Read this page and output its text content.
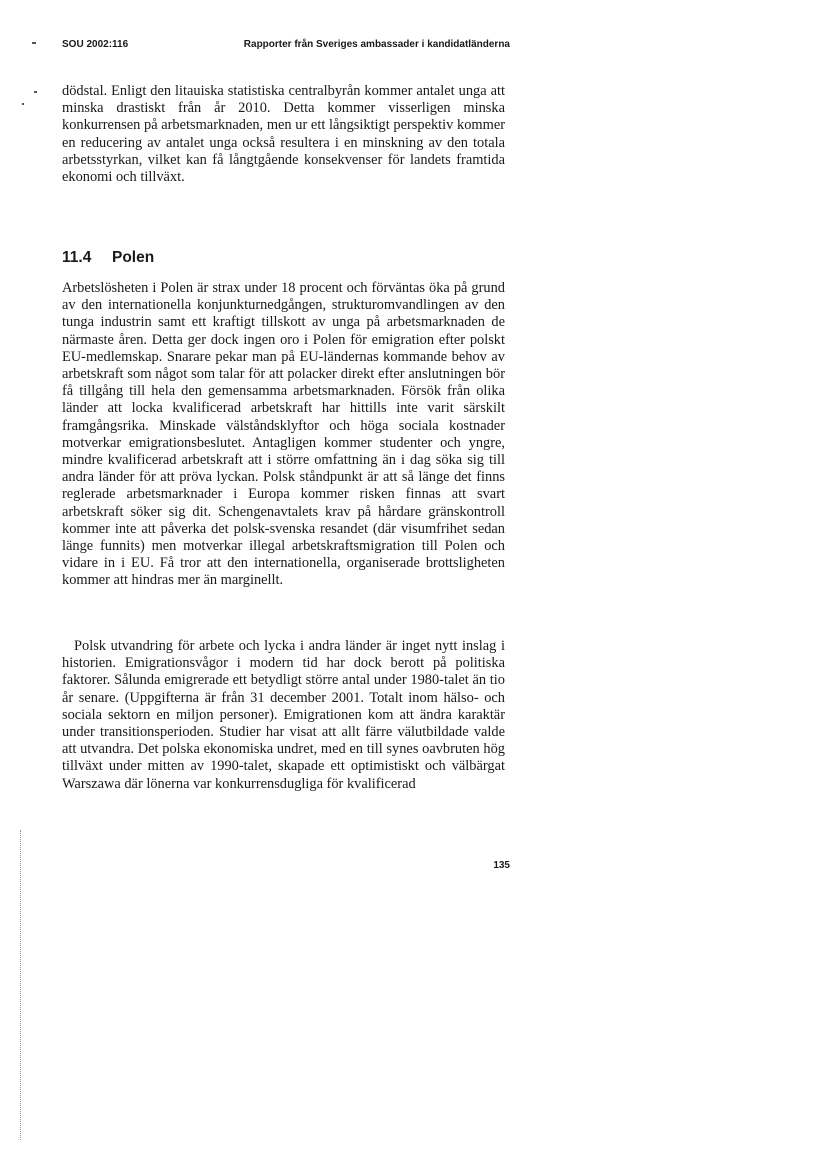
SOU 2002:116	Rapporter från Sveriges ambassader i kandidatländerna

dödstal. Enligt den litauiska statistiska centralbyrån kommer antalet unga att minska drastiskt från år 2010. Detta kommer visserligen minska konkurrensen på arbetsmarknaden, men ur ett långsiktigt perspektiv kommer en reducering av antalet unga också resultera i en minskning av den totala arbetsstyrkan, vilket kan få långtgående konsekvenser för landets framtida ekonomi och tillväxt.

11.4	Polen

Arbetslösheten i Polen är strax under 18 procent och förväntas öka på grund av den internationella konjunkturnedgången, strukturomvandlingen av den tunga industrin samt ett kraftigt tillskott av unga på arbetsmarknaden de närmaste åren. Detta ger dock ingen oro i Polen för emigration efter polskt EU-medlemskap. Snarare pekar man på EU-ländernas kommande behov av arbetskraft som något som talar för att polacker direkt efter anslutningen bör få tillgång till hela den gemensamma arbetsmarknaden. Försök från olika länder att locka kvalificerad arbetskraft har hittills inte varit särskilt framgångsrika. Minskade välståndsklyftor och höga sociala kostnader motverkar emigrationsbeslutet. Antagligen kommer studenter och yngre, mindre kvalificerad arbetskraft att i större omfattning än i dag söka sig till andra länder för att pröva lyckan. Polsk ståndpunkt är att så länge det finns reglerade arbetsmarknader i Europa kommer risken finnas att svart arbetskraft söker sig dit. Schengenavtalets krav på hårdare gränskontroll kommer inte att påverka det polsk-svenska resandet (där visumfrihet sedan länge funnits) men motverkar illegal arbetskraftsmigration till Polen och vidare in i EU. Få tror att den internationella, organiserade brottsligheten kommer att hindras mer än marginellt.

Polsk utvandring för arbete och lycka i andra länder är inget nytt inslag i historien. Emigrationsvågor i modern tid har dock berott på politiska faktorer. Sålunda emigrerade ett betydligt större antal under 1980-talet än tio år senare. (Uppgifterna är från 31 december 2001. Totalt inom hälso- och sociala sektorn en miljon personer). Emigrationen kom att ändra karaktär under transitionsperioden. Studier har visat att allt färre välutbildade valde att utvandra. Det polska ekonomiska undret, med en till synes oavbruten hög tillväxt under mitten av 1990-talet, skapade ett optimistiskt och välbärgat Warszawa där lönerna var konkurrensdugliga för kvalificerad

135
